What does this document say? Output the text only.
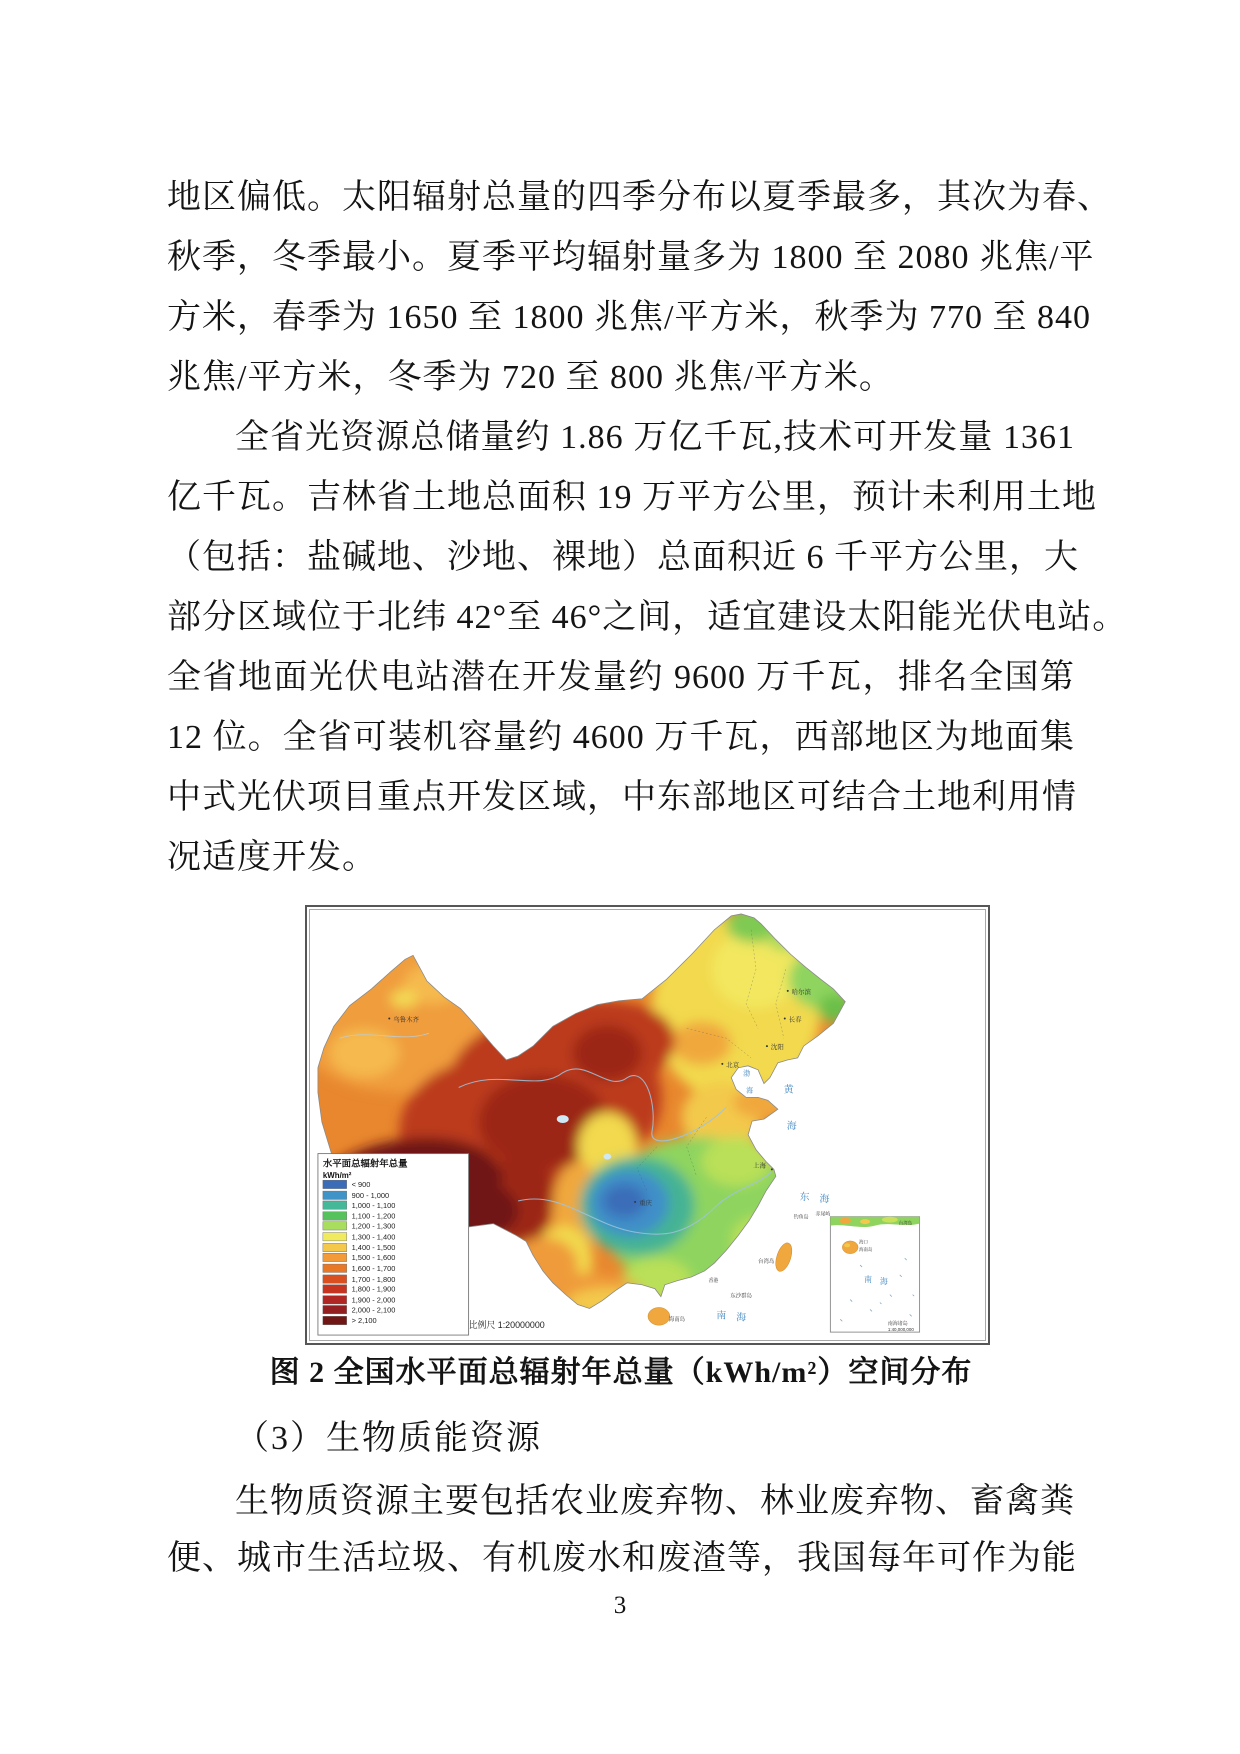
地区偏低。太阳辐射总量的四季分布以夏季最多，其次为春、
秋季，冬季最小。夏季平均辐射量多为 1800 至 2080 兆焦/平
方米，春季为 1650 至 1800 兆焦/平方米，秋季为 770 至 840
兆焦/平方米，冬季为 720 至 800 兆焦/平方米。
全省光资源总储量约 1.86 万亿千瓦,技术可开发量 1361
亿千瓦。吉林省土地总面积 19 万平方公里，预计未利用土地
（包括：盐碱地、沙地、裸地）总面积近 6 千平方公里，大
部分区域位于北纬 42°至 46°之间，适宜建设太阳能光伏电站。
全省地面光伏电站潜在开发量约 9600 万千瓦，排名全国第
12 位。全省可装机容量约 4600 万千瓦，西部地区为地面集
中式光伏项目重点开发区域，中东部地区可结合土地利用情
况适度开发。
渤
海	黄
海
东 海
南 海
乌鲁木齐
哈尔滨
长春
沈阳
北京
上海
重庆
台湾岛
海南岛
东沙群岛
钓鱼岛
赤尾屿
香港
水平面总辐射年总量
kWh/m²
< 900
900 - 1,000
1,000 - 1,100
1,100 - 1,200
1,200 - 1,300
1,300 - 1,400
1,400 - 1,500
1,500 - 1,600
1,600 - 1,700
1,700 - 1,800
1,800 - 1,900
1,900 - 2,000
2,000 - 2,100
> 2,100	比例尺 1:20000000
海口
海南岛
台湾岛
南 海
南海诸岛
1:40,000,000
图 2 全国水平面总辐射年总量（kWh/m²）空间分布
（3）生物质能资源
生物质资源主要包括农业废弃物、林业废弃物、畜禽粪
便、城市生活垃圾、有机废水和废渣等，我国每年可作为能
3
